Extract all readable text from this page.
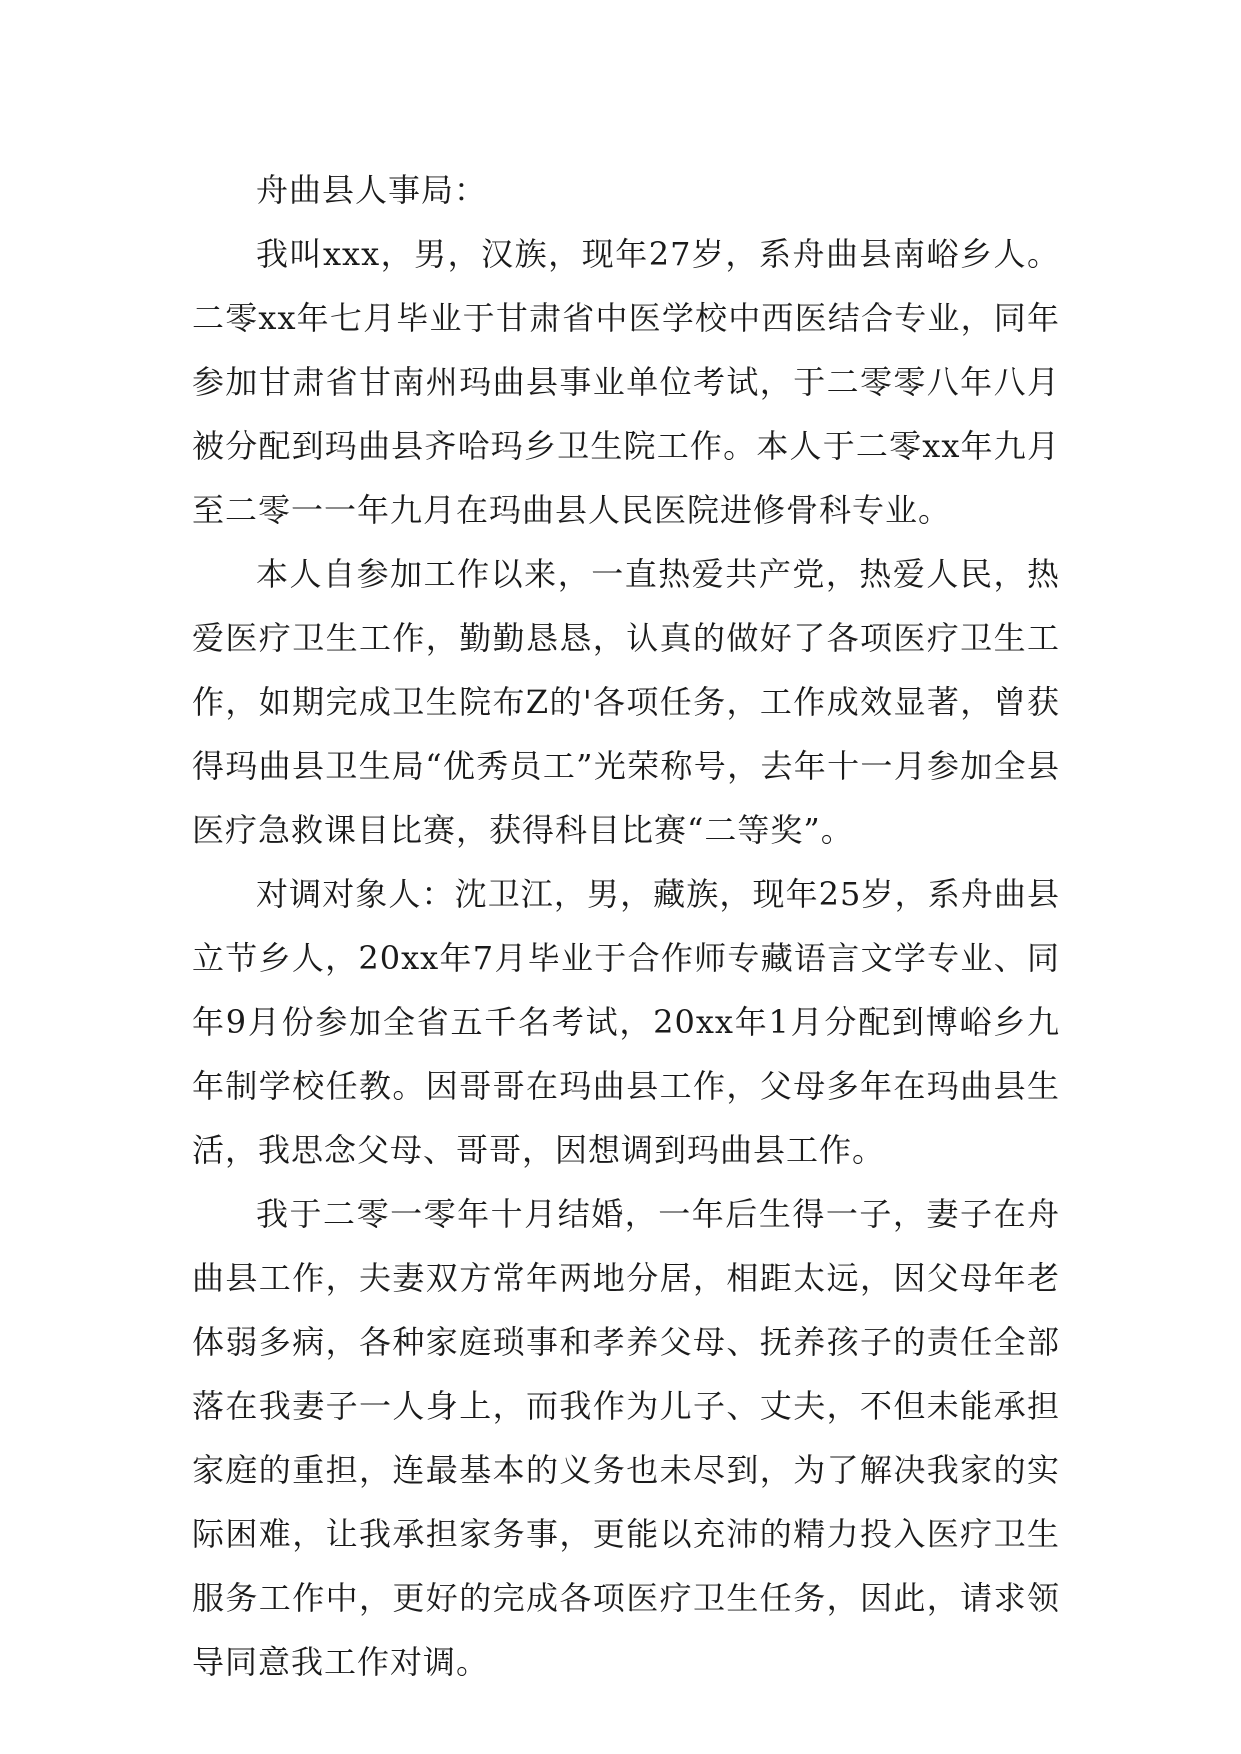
舟曲县人事局：

我叫xxx，男，汉族，现年27岁，系舟曲县南峪乡人。二零xx年七月毕业于甘肃省中医学校中西医结合专业，同年参加甘肃省甘南州玛曲县事业单位考试，于二零零八年八月被分配到玛曲县齐哈玛乡卫生院工作。本人于二零xx年九月至二零一一年九月在玛曲县人民医院进修骨科专业。

本人自参加工作以来，一直热爱共产党，热爱人民，热爱医疗卫生工作，勤勤恳恳，认真的做好了各项医疗卫生工作，如期完成卫生院布Z的'各项任务，工作成效显著，曾获得玛曲县卫生局“优秀员工”光荣称号，去年十一月参加全县医疗急救课目比赛，获得科目比赛“二等奖”。

对调对象人：沈卫江，男，藏族，现年25岁，系舟曲县立节乡人，20xx年7月毕业于合作师专藏语言文学专业、同年9月份参加全省五千名考试，20xx年1月分配到博峪乡九年制学校任教。因哥哥在玛曲县工作，父母多年在玛曲县生活，我思念父母、哥哥，因想调到玛曲县工作。

我于二零一零年十月结婚，一年后生得一子，妻子在舟曲县工作，夫妻双方常年两地分居，相距太远，因父母年老体弱多病，各种家庭琐事和孝养父母、抚养孩子的责任全部落在我妻子一人身上，而我作为儿子、丈夫，不但未能承担家庭的重担，连最基本的义务也未尽到，为了解决我家的实际困难，让我承担家务事，更能以充沛的精力投入医疗卫生服务工作中，更好的完成各项医疗卫生任务，因此，请求领导同意我工作对调。
